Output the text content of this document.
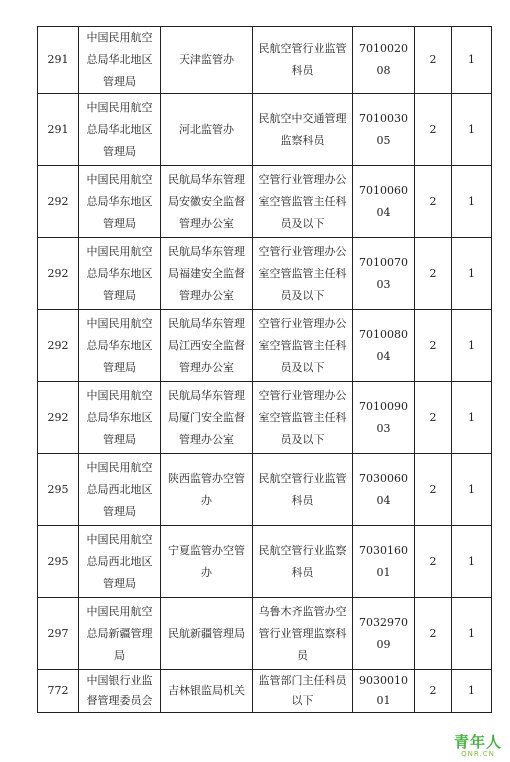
291	中国民用航空总局华北地区管理局	天津监管办	民航空管行业监管科员	701002008	2	1
291	中国民用航空总局华北地区管理局	河北监管办	民航空中交通管理监察科员	701003005	2	1
292	中国民用航空总局华东地区管理局	民航局华东管理局安徽安全监督管理办公室	空管行业管理办公室空管监管主任科员及以下	701006004	2	1
292	中国民用航空总局华东地区管理局	民航局华东管理局福建安全监督管理办公室	空管行业管理办公室空管监管主任科员及以下	701007003	2	1
292	中国民用航空总局华东地区管理局	民航局华东管理局江西安全监督管理办公室	空管行业管理办公室空管监管主任科员及以下	701008004	2	1
292	中国民用航空总局华东地区管理局	民航局华东管理局厦门安全监督管理办公室	空管行业管理办公室空管监管主任科员及以下	701009003	2	1
295	中国民用航空总局西北地区管理局	陕西监管办空管办	民航空管行业监管科员	703006004	2	1
295	中国民用航空总局西北地区管理局	宁夏监管办空管办	民航空管行业监察科员	703016001	2	1
297	中国民用航空总局新疆管理局	民航新疆管理局	乌鲁木齐监管办空管行业管理监察科员	703297009	2	1
772	中国银行业监督管理委员会	吉林银监局机关	监管部门主任科员以下	903001001	2	1
青年人
QNR.CN
